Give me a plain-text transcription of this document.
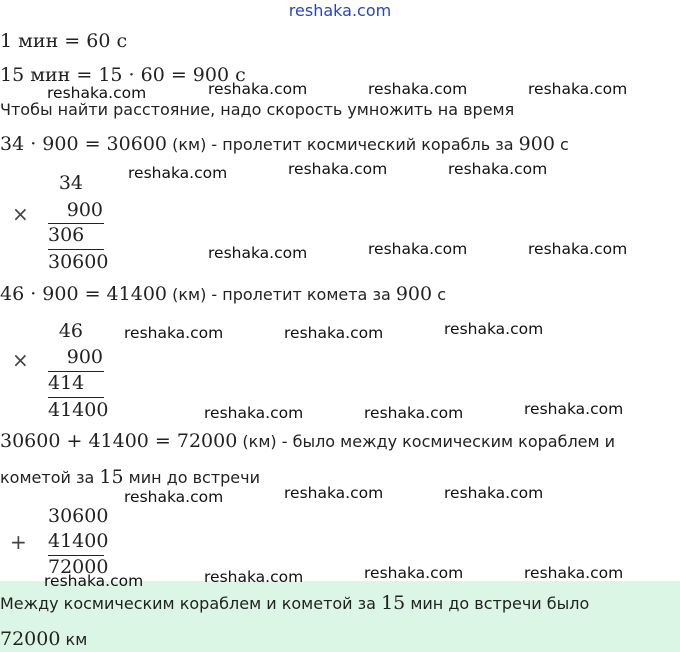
reshaka.com
1 мин = 60 с
15 мин = 15 · 60 = 900 с
Чтобы найти расстояние, надо скорость умножить на время
34 · 900 = 30600 (км) - пролетит космический корабль за 900 с
34
×	900
306
30600
46 · 900 = 41400 (км) - пролетит комета за 900 с
46
×	900
414
41400
30600 + 41400 = 72000 (км) - было между космическим кораблем и
кометой за 15 мин до встречи
30600
+ 41400
72000
Между космическим кораблем и кометой за 15 мин до встречи было
72000 км
reshaka.com	reshaka.com	reshaka.com	reshaka.com
reshaka.com	reshaka.com	reshaka.com
reshaka.com	reshaka.com	reshaka.com
reshaka.com	reshaka.com	reshaka.com
reshaka.com	reshaka.com	reshaka.com
reshaka.com	reshaka.com	reshaka.com
reshaka.com	reshaka.com	reshaka.com	reshaka.com
